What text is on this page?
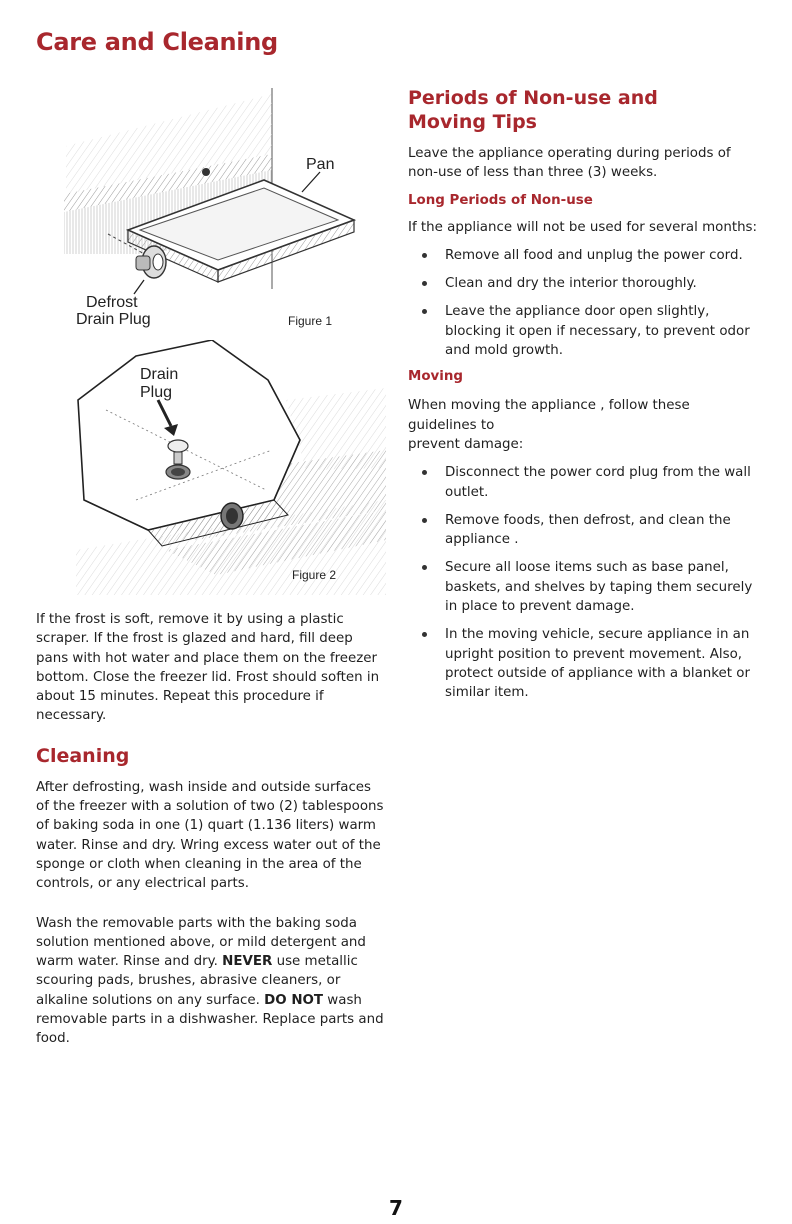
Care and Cleaning
Pan
Defrost
Drain Plug	Figure 1
Drain
Plug
Figure 2

If the frost is soft, remove it by using a plastic scraper. If the frost is glazed and hard, fill deep pans with hot water and place them on the freezer bottom. Close the freezer lid. Frost should soften in about 15 minutes. Repeat this procedure if necessary.

Cleaning

After defrosting, wash inside and outside surfaces of the freezer with a solution of two (2) tablespoons of baking soda in one (1) quart (1.136 liters) warm water. Rinse and dry. Wring excess water out of the sponge or cloth when cleaning in the area of the controls, or any electrical parts.

Wash the removable parts with the baking soda solution mentioned above, or mild detergent and warm water. Rinse and dry. NEVER use metallic scouring pads, brushes, abrasive cleaners, or alkaline solutions on any surface. DO NOT wash removable parts in a dishwasher. Replace parts and food.

Periods of Non-use and
Moving Tips

Leave the appliance operating during periods of non-use of less than three (3) weeks.

Long Periods of Non-use

If the appliance will not be used for several months:

Remove all food and unplug the power cord.
Clean and dry the interior thoroughly.
Leave the appliance door open slightly, blocking it open if necessary, to prevent odor and mold growth.
Moving

When moving the appliance , follow these guidelines to
prevent damage:

Disconnect the power cord plug from the wall outlet.
Remove foods, then defrost, and clean the appliance .
Secure all loose items such as base panel, baskets, and shelves by taping them securely in place to prevent damage.
In the moving vehicle, secure appliance in an upright position to prevent movement. Also, protect outside of appliance with a blanket or similar item.
7
